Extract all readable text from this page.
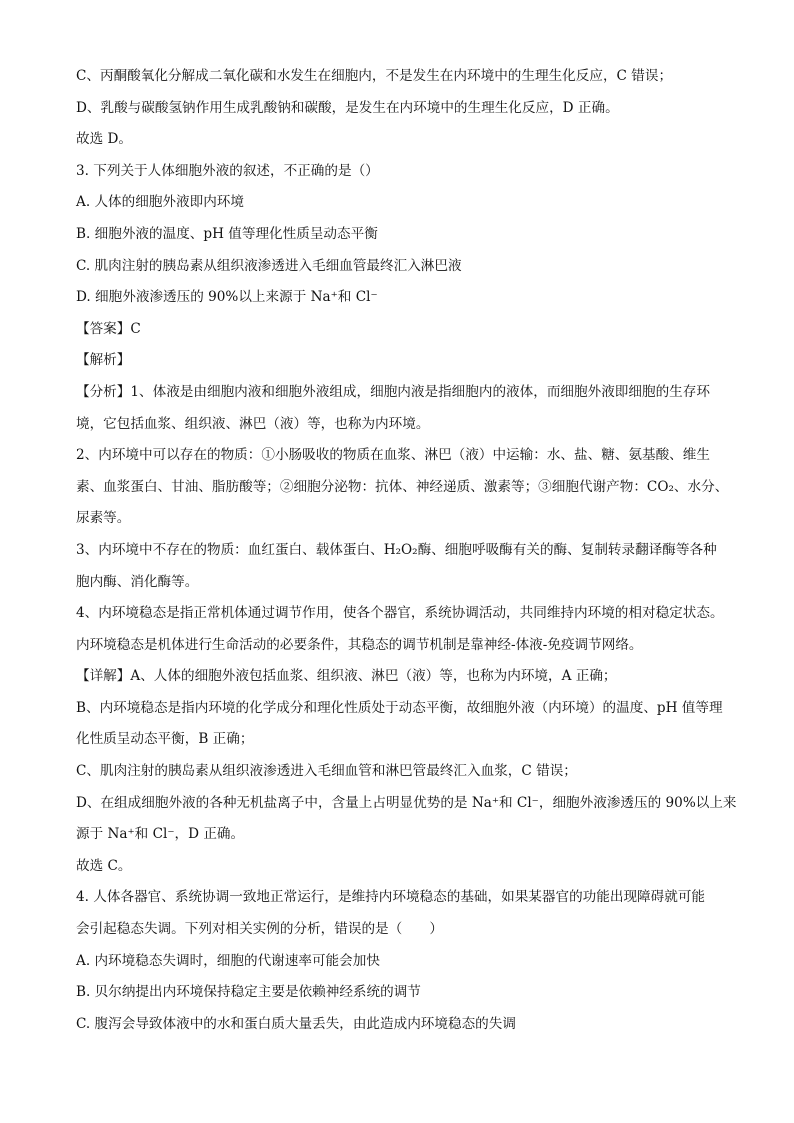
C、丙酮酸氧化分解成二氧化碳和水发生在细胞内，不是发生在内环境中的生理生化反应，C 错误；
D、乳酸与碳酸氢钠作用生成乳酸钠和碳酸，是发生在内环境中的生理生化反应，D 正确。
故选 D。
3. 下列关于人体细胞外液的叙述，不正确的是（）
A. 人体的细胞外液即内环境
B. 细胞外液的温度、pH 值等理化性质呈动态平衡
C. 肌肉注射的胰岛素从组织液渗透进入毛细血管最终汇入淋巴液
D. 细胞外液渗透压的 90%以上来源于 Na⁺和 Cl⁻
【答案】C
【解析】
【分析】1、体液是由细胞内液和细胞外液组成，细胞内液是指细胞内的液体，而细胞外液即细胞的生存环
境，它包括血浆、组织液、淋巴（液）等，也称为内环境。
2、内环境中可以存在的物质：①小肠吸收的物质在血浆、淋巴（液）中运输：水、盐、糖、氨基酸、维生
素、血浆蛋白、甘油、脂肪酸等；②细胞分泌物：抗体、神经递质、激素等；③细胞代谢产物：CO₂、水分、
尿素等。
3、内环境中不存在的物质：血红蛋白、载体蛋白、H₂O₂酶、细胞呼吸酶有关的酶、复制转录翻译酶等各种
胞内酶、消化酶等。
4、内环境稳态是指正常机体通过调节作用，使各个器官，系统协调活动，共同维持内环境的相对稳定状态。
内环境稳态是机体进行生命活动的必要条件，其稳态的调节机制是靠神经-体液-免疫调节网络。
【详解】A、人体的细胞外液包括血浆、组织液、淋巴（液）等，也称为内环境，A 正确；
B、内环境稳态是指内环境的化学成分和理化性质处于动态平衡，故细胞外液（内环境）的温度、pH 值等理
化性质呈动态平衡，B 正确；
C、肌肉注射的胰岛素从组织液渗透进入毛细血管和淋巴管最终汇入血浆，C 错误；
D、在组成细胞外液的各种无机盐离子中，含量上占明显优势的是 Na⁺和 Cl⁻，细胞外液渗透压的 90%以上来
源于 Na⁺和 Cl⁻，D 正确。
故选 C。
4. 人体各器官、系统协调一致地正常运行，是维持内环境稳态的基础，如果某器官的功能出现障碍就可能
会引起稳态失调。下列对相关实例的分析，错误的是（　　）
A. 内环境稳态失调时，细胞的代谢速率可能会加快
B. 贝尔纳提出内环境保持稳定主要是依赖神经系统的调节
C. 腹泻会导致体液中的水和蛋白质大量丢失，由此造成内环境稳态的失调
